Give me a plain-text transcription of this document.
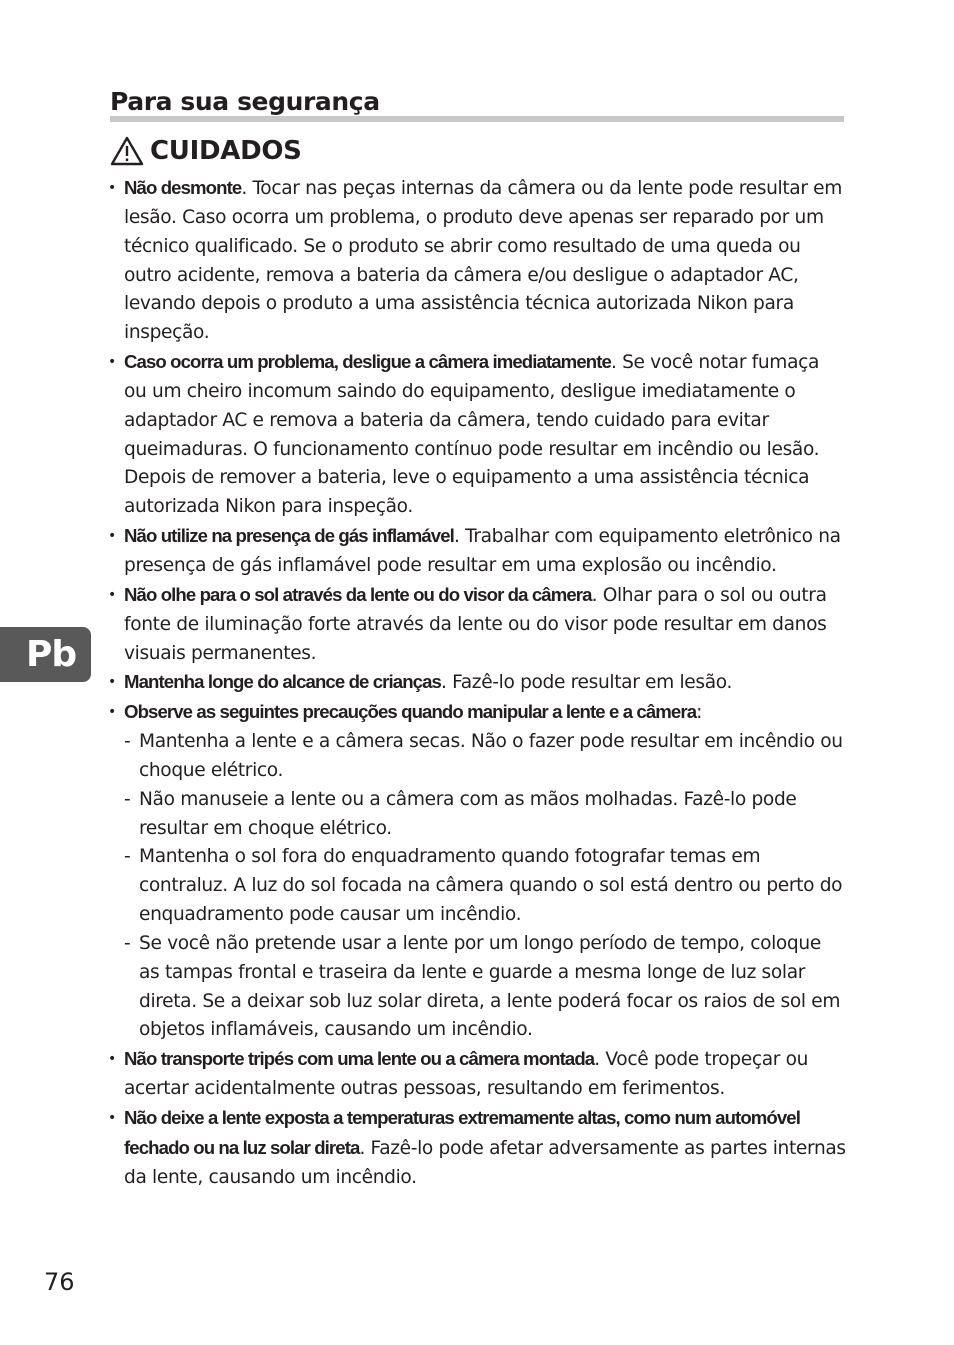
Para sua segurança
CUIDADOS
• Não desmonte. Tocar nas peças internas da câmera ou da lente pode resultar em lesão. Caso ocorra um problema, o produto deve apenas ser reparado por um técnico qualificado. Se o produto se abrir como resultado de uma queda ou outro acidente, remova a bateria da câmera e/ou desligue o adaptador AC, levando depois o produto a uma assistência técnica autorizada Nikon para inspeção.
• Caso ocorra um problema, desligue a câmera imediatamente. Se você notar fumaça ou um cheiro incomum saindo do equipamento, desligue imediatamente o adaptador AC e remova a bateria da câmera, tendo cuidado para evitar queimaduras. O funcionamento contínuo pode resultar em incêndio ou lesão. Depois de remover a bateria, leve o equipamento a uma assistência técnica autorizada Nikon para inspeção.
• Não utilize na presença de gás inflamável. Trabalhar com equipamento eletrônico na presença de gás inflamável pode resultar em uma explosão ou incêndio.
• Não olhe para o sol através da lente ou do visor da câmera. Olhar para o sol ou outra fonte de iluminação forte através da lente ou do visor pode resultar em danos visuais permanentes.
• Mantenha longe do alcance de crianças. Fazê-lo pode resultar em lesão.
• Observe as seguintes precauções quando manipular a lente e a câmera:
- Mantenha a lente e a câmera secas. Não o fazer pode resultar em incêndio ou choque elétrico.
- Não manuseie a lente ou a câmera com as mãos molhadas. Fazê-lo pode resultar em choque elétrico.
- Mantenha o sol fora do enquadramento quando fotografar temas em contraluz. A luz do sol focada na câmera quando o sol está dentro ou perto do enquadramento pode causar um incêndio.
- Se você não pretende usar a lente por um longo período de tempo, coloque as tampas frontal e traseira da lente e guarde a mesma longe de luz solar direta. Se a deixar sob luz solar direta, a lente poderá focar os raios de sol em objetos inflamáveis, causando um incêndio.
• Não transporte tripés com uma lente ou a câmera montada. Você pode tropeçar ou acertar acidentalmente outras pessoas, resultando em ferimentos.
• Não deixe a lente exposta a temperaturas extremamente altas, como num automóvel fechado ou na luz solar direta. Fazê-lo pode afetar adversamente as partes internas da lente, causando um incêndio.
Pb
76
